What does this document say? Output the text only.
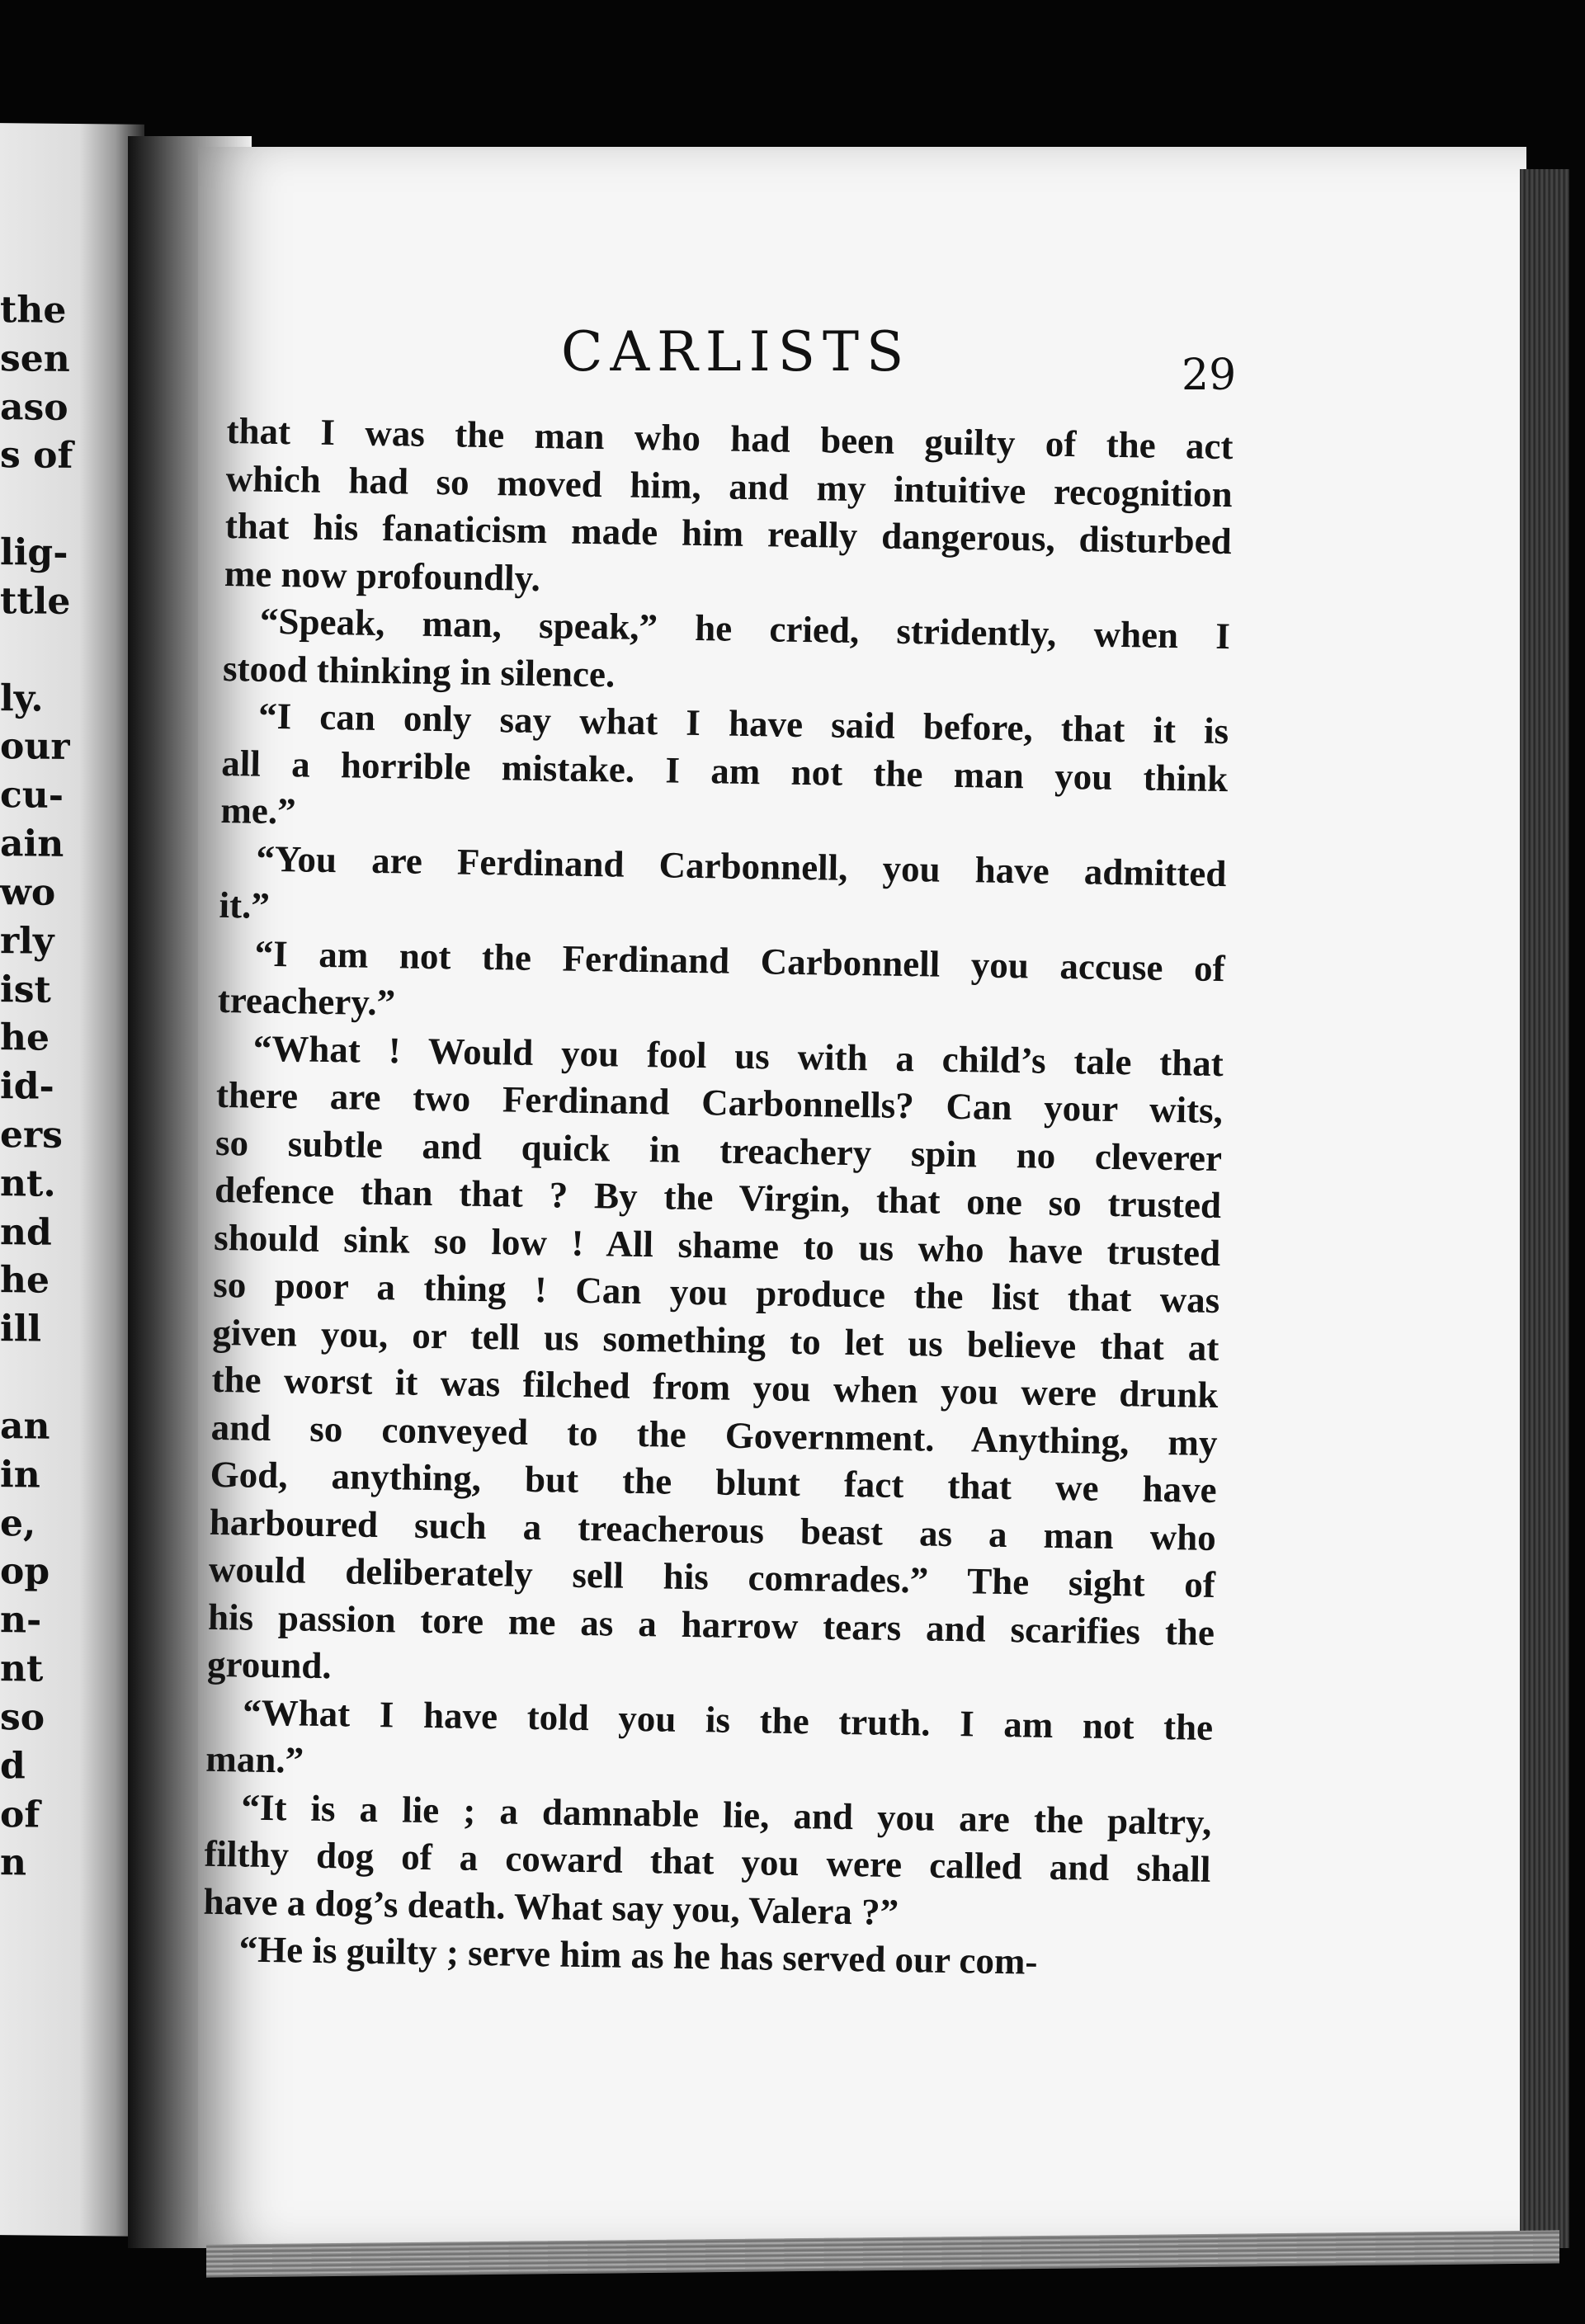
the
sen
aso
s of
lig-
ttle
ly.
our
cu-
ain
wo
rly
ist
he
id-
ers
nt.
nd
he
ill
an
in
e,
op
n-
nt
so
d
of
n
CARLISTS	29
that I was the man who had been guilty of the act
which had so moved him, and my intuitive recognition
that his fanaticism made him really dangerous, disturbed
me now profoundly.
“Speak, man, speak,” he cried, stridently, when I
stood thinking in silence.
“I can only say what I have said before, that it is
all a horrible mistake. I am not the man you think
me.”
“You are Ferdinand Carbonnell, you have admitted
it.”
“I am not the Ferdinand Carbonnell you accuse of
treachery.”
“What ! Would you fool us with a child’s tale that
there are two Ferdinand Carbonnells? Can your wits,
so subtle and quick in treachery spin no cleverer
defence than that ? By the Virgin, that one so trusted
should sink so low ! All shame to us who have trusted
so poor a thing ! Can you produce the list that was
given you, or tell us something to let us believe that at
the worst it was filched from you when you were drunk
and so conveyed to the Government. Anything, my
God, anything, but the blunt fact that we have
harboured such a treacherous beast as a man who
would deliberately sell his comrades.” The sight of
his passion tore me as a harrow tears and scarifies the
ground.
“What I have told you is the truth. I am not the
man.”
“It is a lie ; a damnable lie, and you are the paltry,
filthy dog of a coward that you were called and shall
have a dog’s death. What say you, Valera ?”
“He is guilty ; serve him as he has served our com-
